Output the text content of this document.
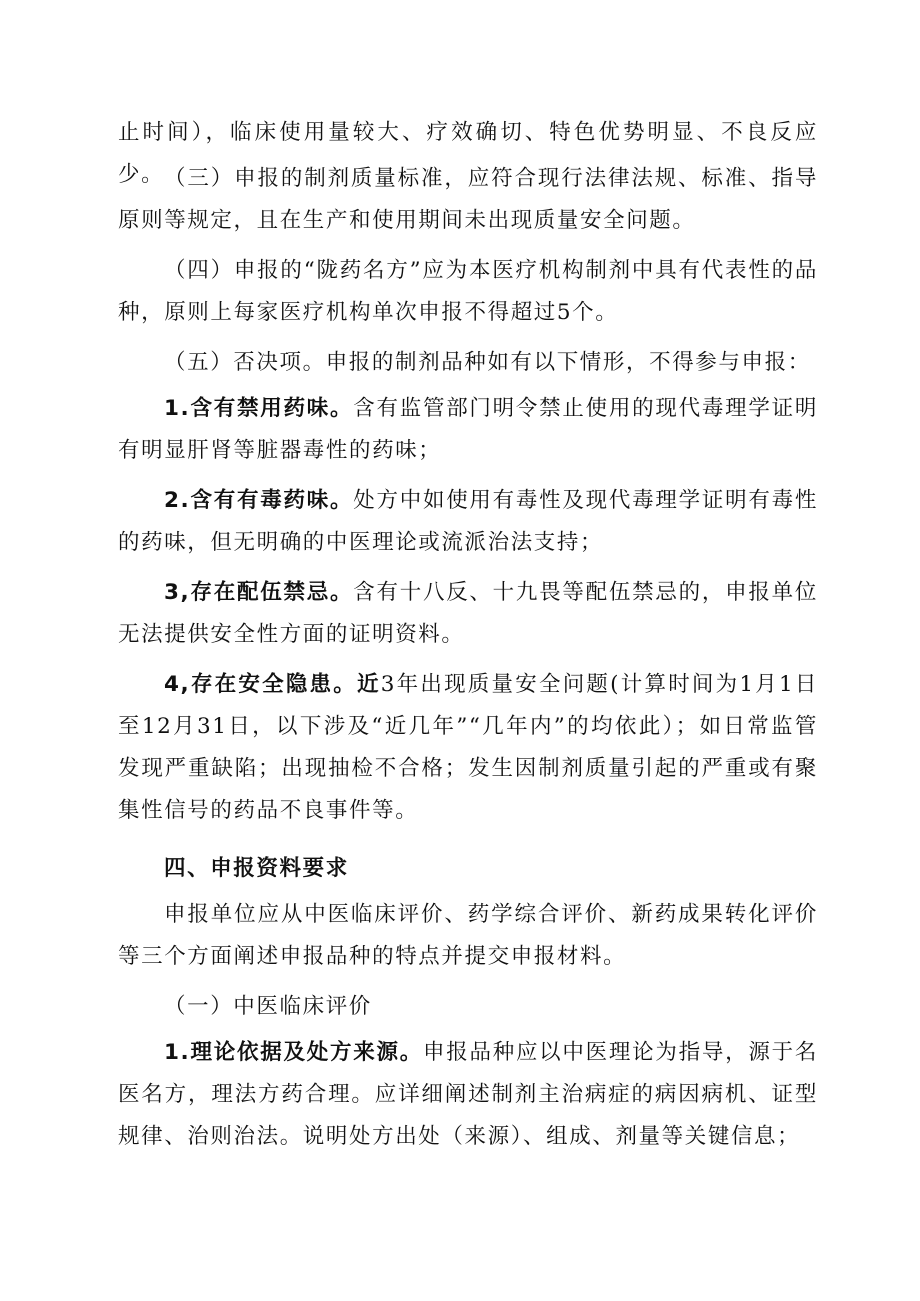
止时间），临床使用量较大、疗效确切、特色优势明显、不良反应少。 （三）申报的制剂质量标准，应符合现行法律法规、标准、指导原则等规定，且在生产和使用期间未出现质量安全问题。

（四）申报的“陇药名方”应为本医疗机构制剂中具有代表性的品种，原则上每家医疗机构单次申报不得超过5个。

（五）否决项。申报的制剂品种如有以下情形，不得参与申报：

1.含有禁用药味。含有监管部门明令禁止使用的现代毒理学证明有明显肝肾等脏器毒性的药味；

2.含有有毒药味。处方中如使用有毒性及现代毒理学证明有毒性的药味，但无明确的中医理论或流派治法支持；

3,存在配伍禁忌。含有十八反、十九畏等配伍禁忌的，申报单位无法提供安全性方面的证明资料。

4,存在安全隐患。近3年出现质量安全问题(计算时间为1月1日至12月31日，以下涉及“近几年”“几年内”的均依此）；如日常监管发现严重缺陷；出现抽检不合格；发生因制剂质量引起的严重或有聚集性信号的药品不良事件等。

四、申报资料要求

申报单位应从中医临床评价、药学综合评价、新药成果转化评价等三个方面阐述申报品种的特点并提交申报材料。

（一）中医临床评价

1.理论依据及处方来源。申报品种应以中医理论为指导，源于名医名方，理法方药合理。应详细阐述制剂主治病症的病因病机、证型规律、治则治法。说明处方出处（来源）、组成、剂量等关键信息；
